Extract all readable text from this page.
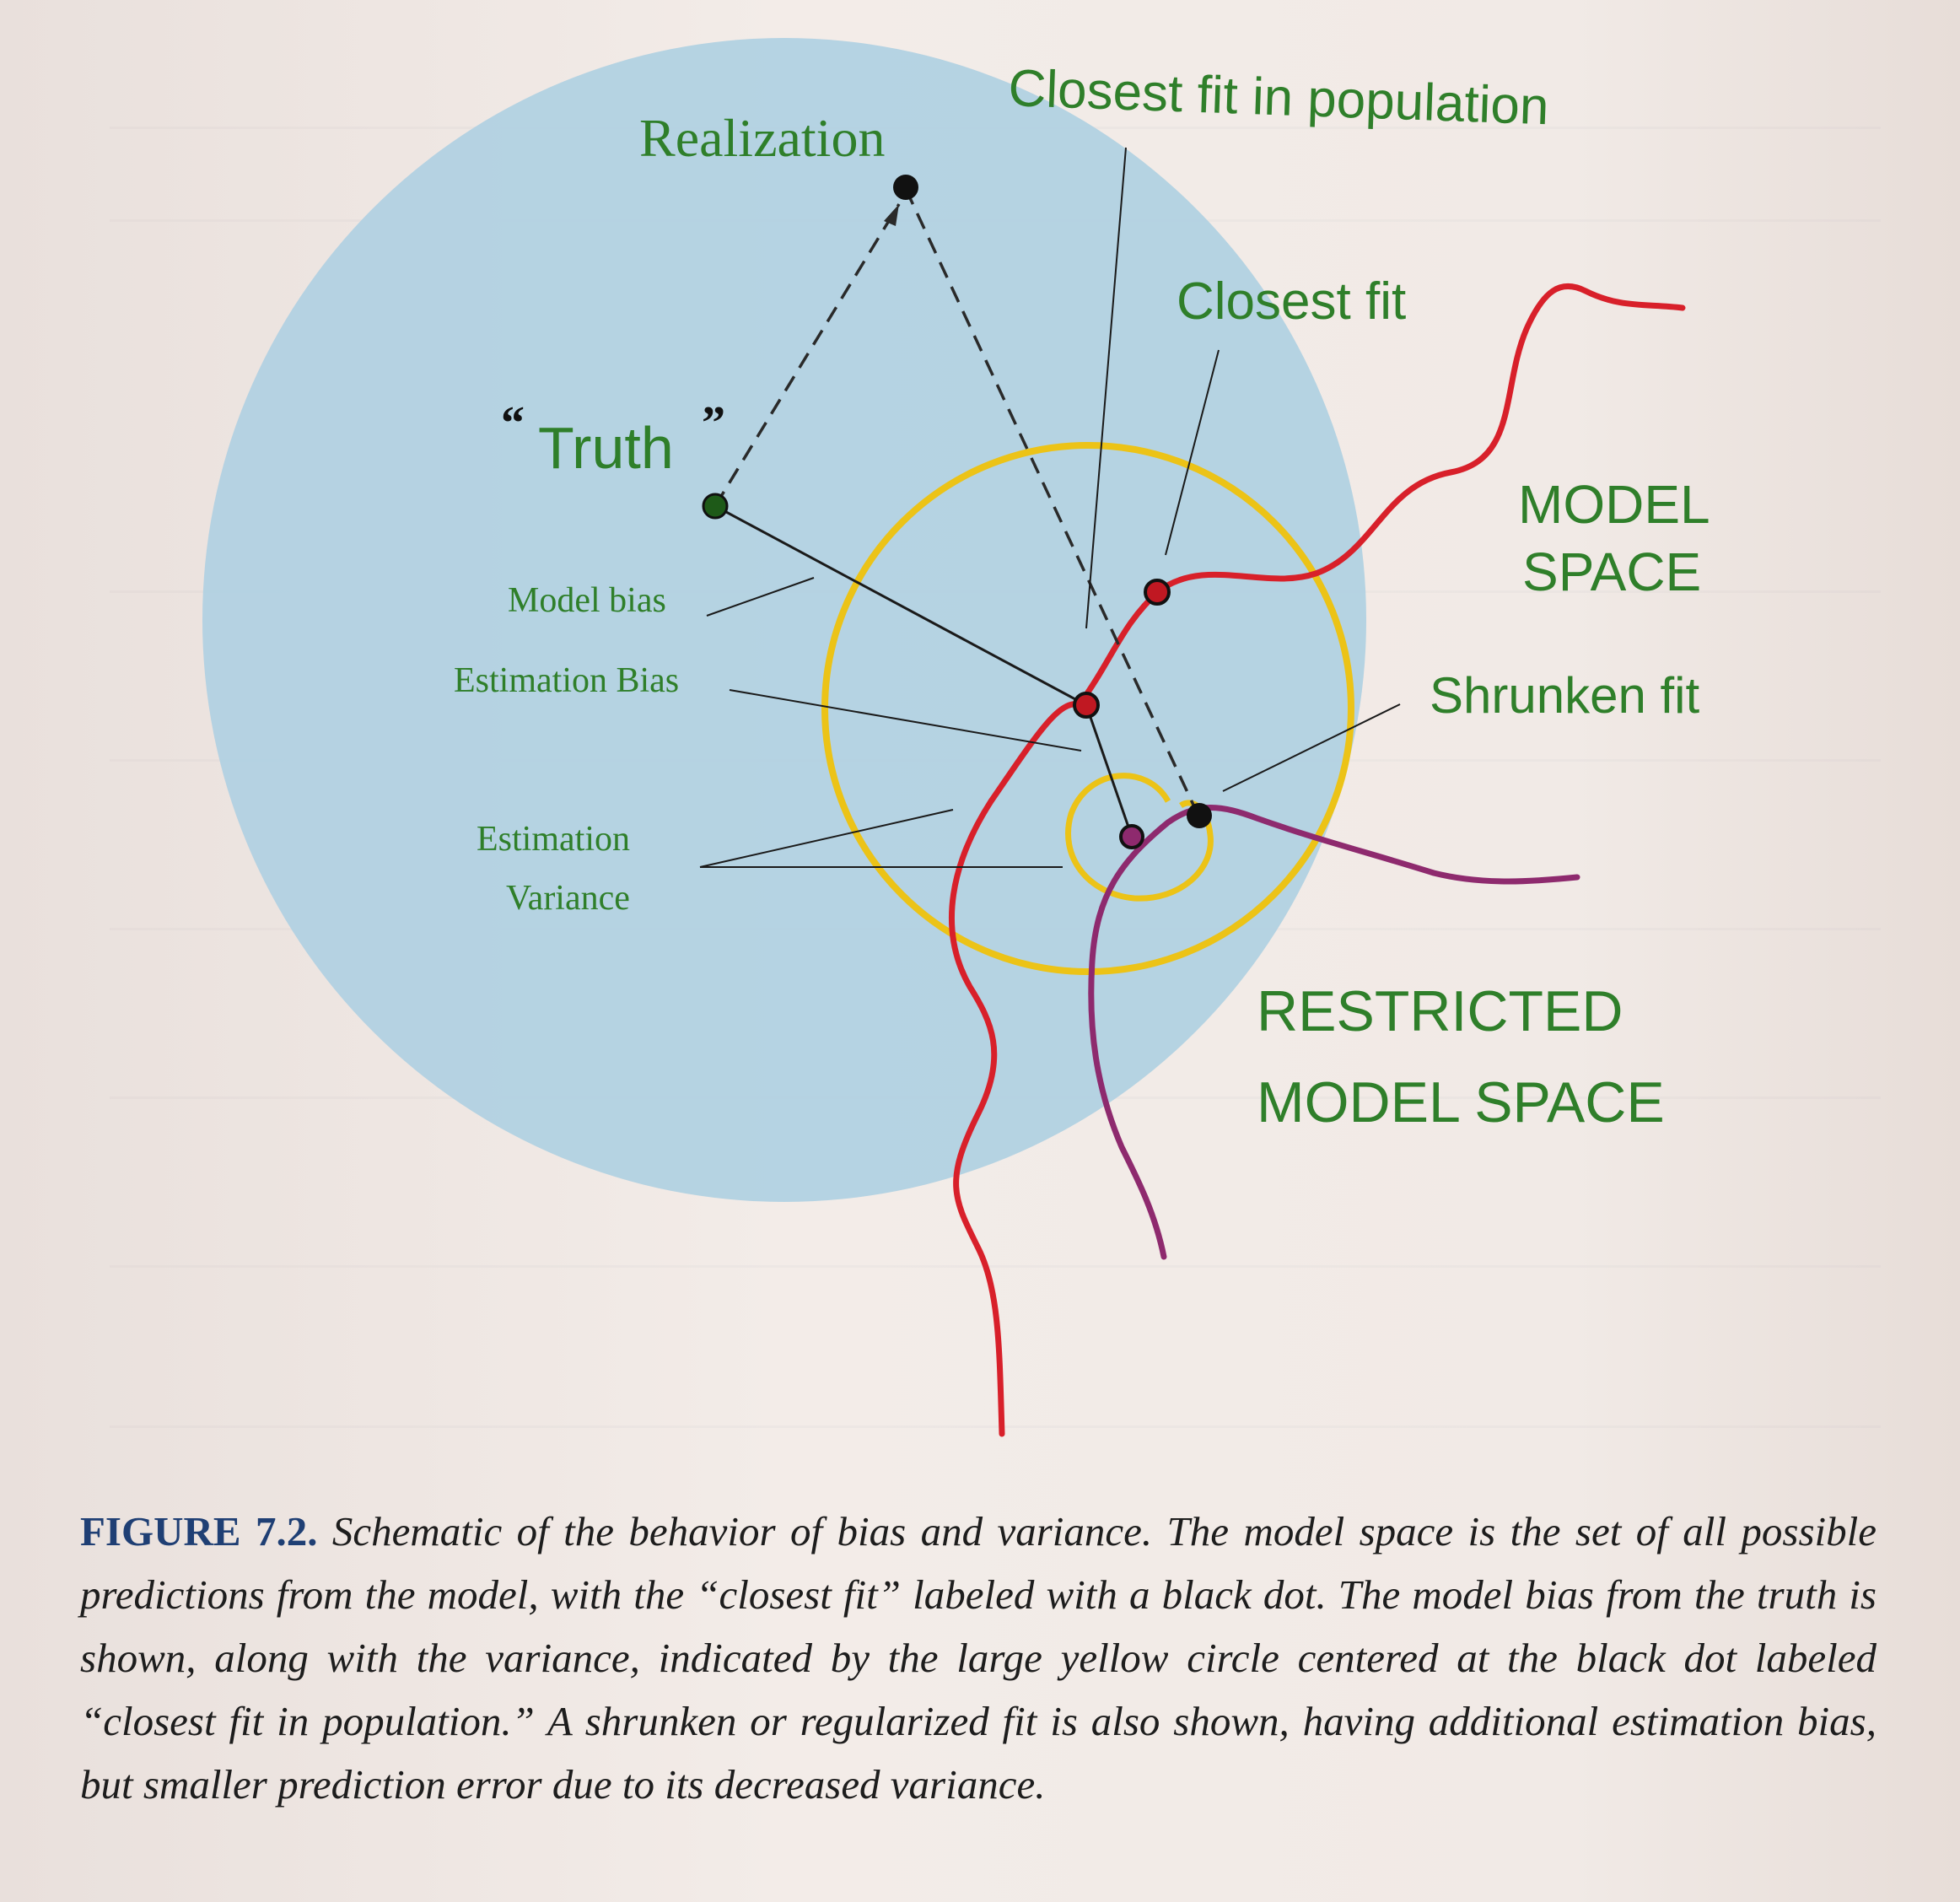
Realization
Closest fit in population
Closest fit
“ Truth ”
MODEL
SPACE
Model bias
Estimation Bias	Shrunken fit
Estimation
Variance
RESTRICTED
MODEL SPACE
FIGURE 7.2. Schematic of the behavior of bias and variance. The model space is the set of all possible predictions from the model, with the “closest fit” labeled with a black dot. The model bias from the truth is shown, along with the variance, indicated by the large yellow circle centered at the black dot labeled “closest fit in population.” A shrunken or regularized fit is also shown, having additional estimation bias, but smaller prediction error due to its decreased variance.
